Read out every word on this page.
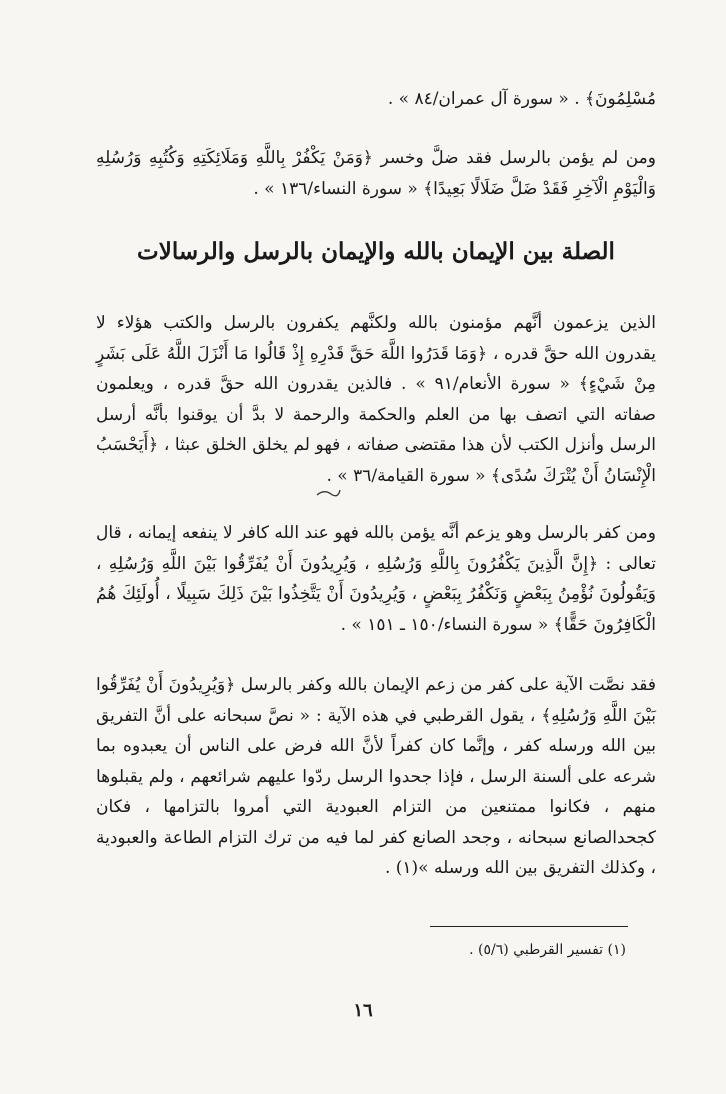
مُسْلِمُونَ﴾ . « سورة آل عمران/٨٤ » .

ومن لم يؤمن بالرسل فقد ضلَّ وخسر ﴿وَمَنْ يَكْفُرْ بِاللَّهِ وَمَلَائِكَتِهِ وَكُتُبِهِ وَرُسُلِهِ وَالْيَوْمِ الْآخِرِ فَقَدْ ضَلَّ ضَلَالًا بَعِيدًا﴾ « سورة النساء/١٣٦ » .

الصلة بين الإيمان بالله والإيمان بالرسل والرسالات

الذين يزعمون أنَّهم مؤمنون بالله ولكنَّهم يكفرون بالرسل والكتب هؤلاء لا يقدرون الله حقَّ قدره ، ﴿وَمَا قَدَرُوا اللَّهَ حَقَّ قَدْرِهِ إِذْ قَالُوا مَا أَنْزَلَ اللَّهُ عَلَى بَشَرٍ مِنْ شَيْءٍ﴾ « سورة الأنعام/٩١ » . فالذين يقدرون الله حقَّ قدره ، ويعلمون صفاته التي اتصف بها من العلم والحكمة والرحمة لا بدَّ أن يوقنوا بأنَّه أرسل الرسل وأنزل الكتب لأن هذا مقتضى صفاته ، فهو لم يخلق الخلق عبثا ، ﴿أَيَحْسَبُ الْإِنْسَانُ أَنْ يُتْرَكَ سُدًى﴾ « سورة القيامة/٣٦ » .

ومن كفر بالرسل وهو يزعم أنَّه يؤمن بالله فهو عند الله كافر لا ينفعه إيمانه ، قال تعالى : ﴿إِنَّ الَّذِينَ يَكْفُرُونَ بِاللَّهِ وَرُسُلِهِ ، وَيُرِيدُونَ أَنْ يُفَرِّقُوا بَيْنَ اللَّهِ وَرُسُلِهِ ، وَيَقُولُونَ نُؤْمِنُ بِبَعْضٍ وَنَكْفُرُ بِبَعْضٍ ، وَيُرِيدُونَ أَنْ يَتَّخِذُوا بَيْنَ ذَلِكَ سَبِيلًا ، أُولَئِكَ هُمُ الْكَافِرُونَ حَقًّا﴾ « سورة النساء/١٥٠ ـ ١٥١ » .

فقد نصَّت الآية على كفر من زعم الإيمان بالله وكفر بالرسل ﴿وَيُرِيدُونَ أَنْ يُفَرِّقُوا بَيْنَ اللَّهِ وَرُسُلِهِ﴾ ، يقول القرطبي في هذه الآية : « نصَّ سبحانه على أنَّ التفريق بين الله ورسله كفر ، وإنَّما كان كفراً لأنَّ الله فرض على الناس أن يعبدوه بما شرعه على ألسنة الرسل ، فإذا جحدوا الرسل ردّوا عليهم شرائعهم ، ولم يقبلوها منهم ، فكانوا ممتنعين من التزام العبودية التي أمروا بالتزامها ، فكان كجحدالصانع سبحانه ، وجحد الصانع كفر لما فيه من ترك التزام الطاعة والعبودية ، وكذلك التفريق بين الله ورسله »(١) .

(١) تفسير القرطبي (٥/٦) .
١٦
